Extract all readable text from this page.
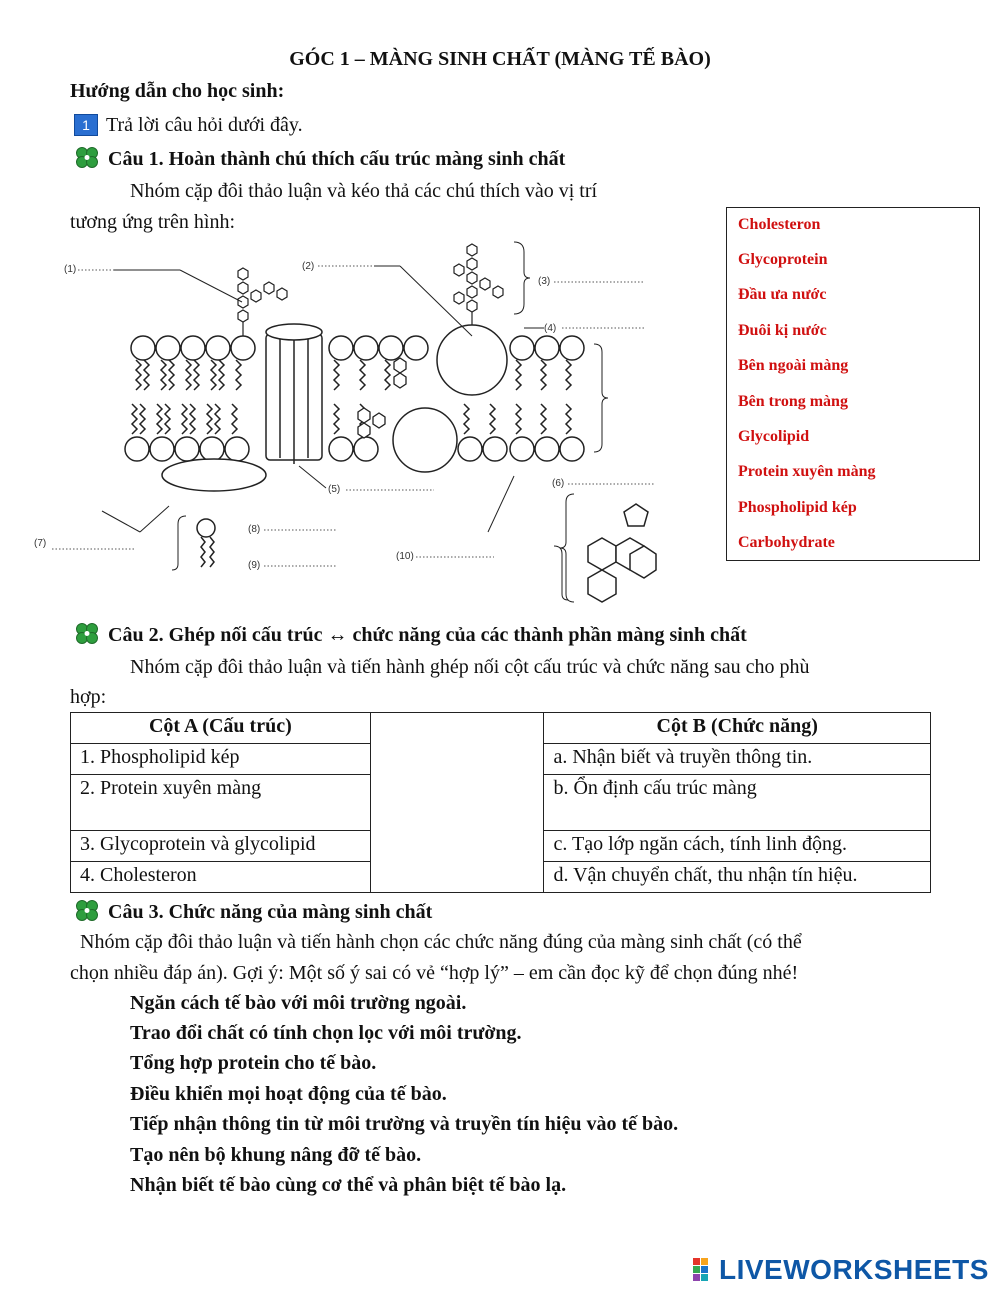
GÓC 1 – MÀNG SINH CHẤT (MÀNG TẾ BÀO)
Hướng dẫn cho học sinh:
1 Trả lời câu hỏi dưới đây.
Câu 1. Hoàn thành chú thích cấu trúc màng sinh chất
Nhóm cặp đôi thảo luận và kéo thả các chú thích vào vị trí
tương ứng trên hình:
(1)	(2)
(3)
(4)
(5)
(6)
(7)
(8)
(9)
(10)
Cholesteron
Glycoprotein
Đầu ưa nước
Đuôi kị nước
Bên ngoài màng
Bên trong màng
Glycolipid
Protein xuyên màng
Phospholipid kép
Carbohydrate
Câu 2. Ghép nối cấu trúc ↔ chức năng của các thành phần màng sinh chất
Nhóm cặp đôi thảo luận và tiến hành ghép nối cột cấu trúc và chức năng sau cho phù
hợp:
Cột A (Cấu trúc)		Cột B (Chức năng)
1. Phospholipid kép		a. Nhận biết và truyền thông tin.
2. Protein xuyên màng		b. Ổn định cấu trúc màng
3. Glycoprotein và glycolipid		c. Tạo lớp ngăn cách, tính linh động.
4. Cholesteron		d. Vận chuyển chất, thu nhận tín hiệu.
Câu 3. Chức năng của màng sinh chất
Nhóm cặp đôi thảo luận và tiến hành chọn các chức năng đúng của màng sinh chất (có thể
chọn nhiều đáp án). Gợi ý: Một số ý sai có vẻ “hợp lý” – em cần đọc kỹ để chọn đúng nhé!
Ngăn cách tế bào với môi trường ngoài.
Trao đổi chất có tính chọn lọc với môi trường.
Tổng hợp protein cho tế bào.
Điều khiển mọi hoạt động của tế bào.
Tiếp nhận thông tin từ môi trường và truyền tín hiệu vào tế bào.
Tạo nên bộ khung nâng đỡ tế bào.
Nhận biết tế bào cùng cơ thể và phân biệt tế bào lạ.
LIVEWORKSHEETS
